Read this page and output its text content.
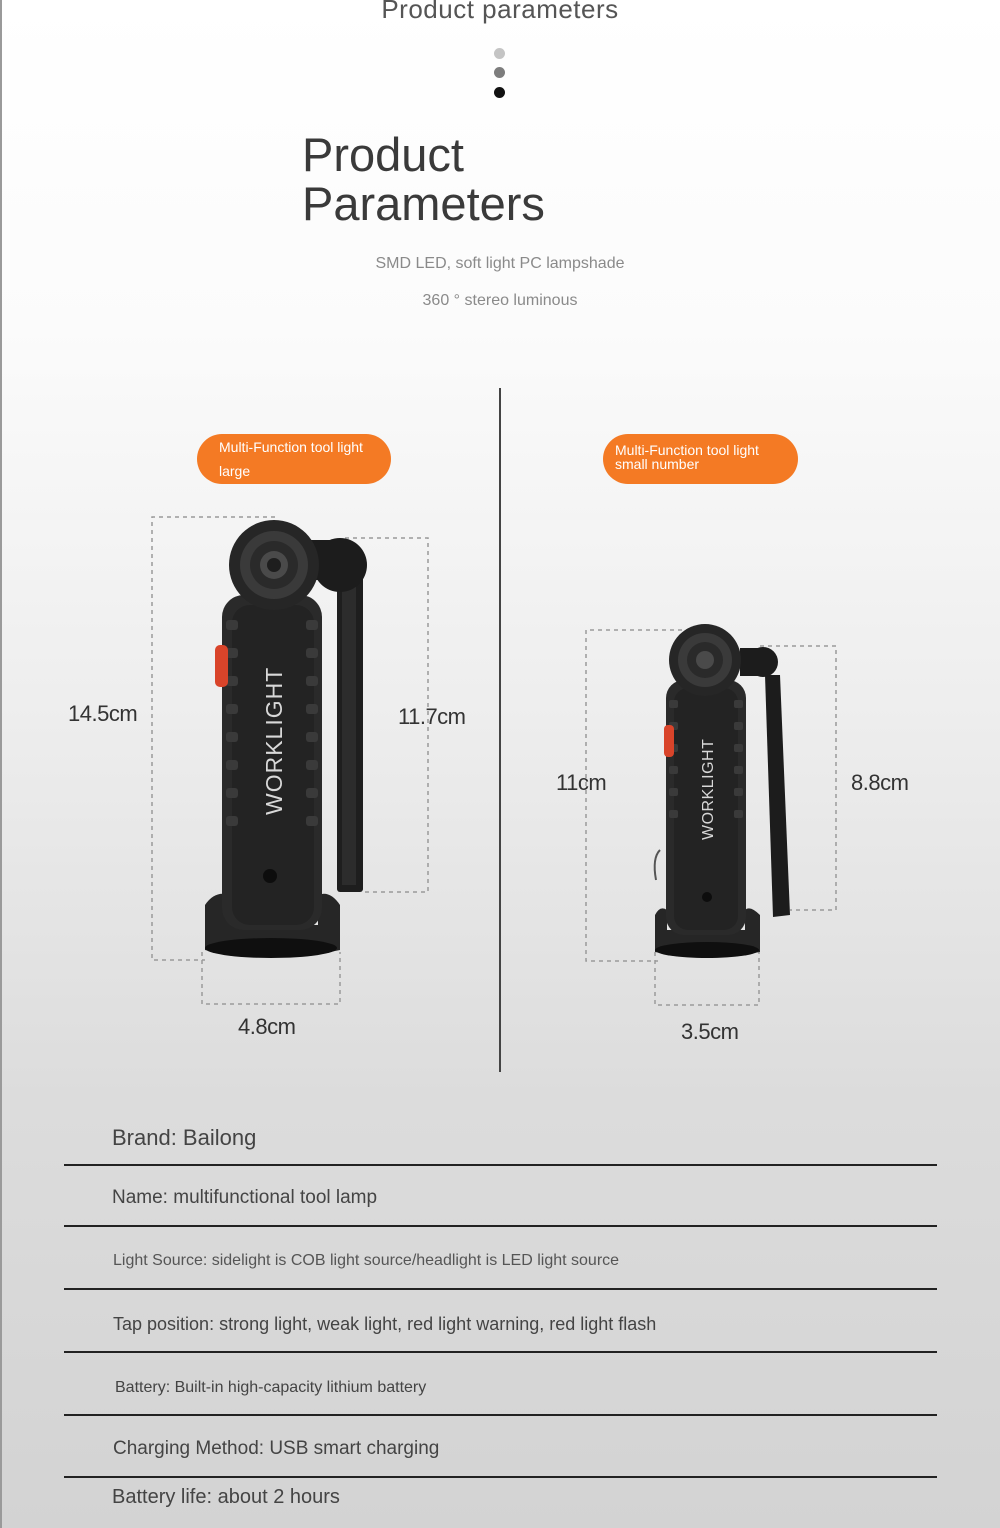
Product parameters
Product
Parameters
SMD LED, soft light PC lampshade
360 ° stereo luminous
Multi-Function tool light
large
Multi-Function tool light
small number
WORKLIGHT
14.5cm	11.7cm
4.8cm
WORKLIGHT
11cm	8.8cm
3.5cm
Brand: Bailong
Name: multifunctional tool lamp
Light Source: sidelight is COB light source/headlight is LED light source
Tap position: strong light, weak light, red light warning, red light flash
Battery: Built-in high-capacity lithium battery
Charging Method: USB smart charging
Battery life: about 2 hours
